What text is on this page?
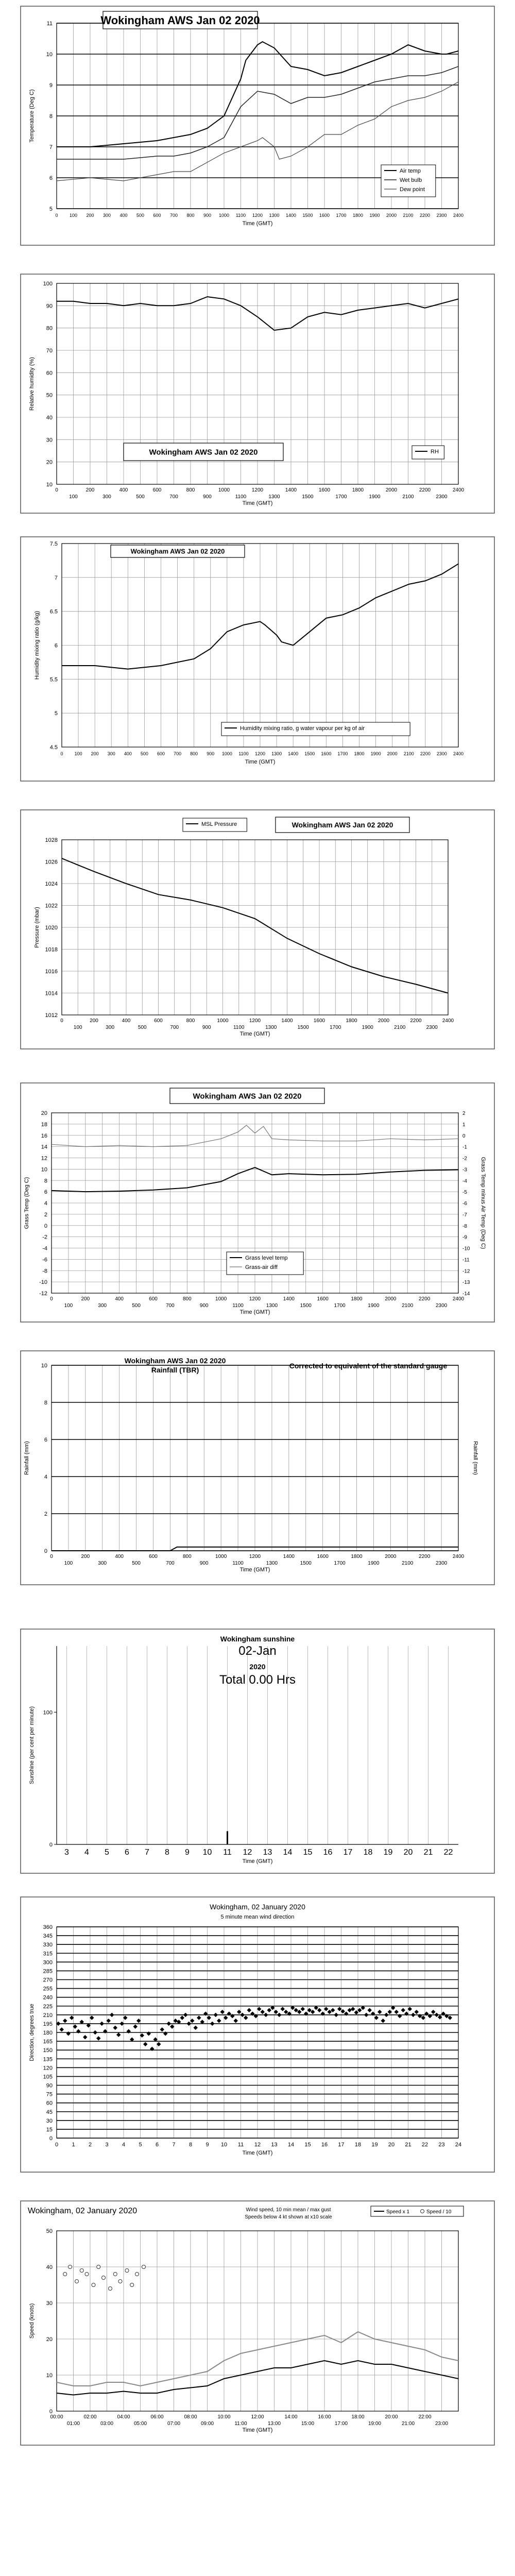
5
6
7
8
9
10
11
0 100 200 300 400 500 600 700 800 900 1000 1100 1200 1300 1400 1500 1600 1700 1800 1900 2000 2100 2200 2300 2400
Time (GMT)
Temperature (Deg C)
Wokingham AWS Jan 02 2020
Air temp
Wet bulb
Dew point
10
20
30
40
50
60
70
80
90
100
0	200	400	600	800	1000	1200	1400	1600	1800	2000	2200	2400
100	300	500	700	900	1100	1300	1500	1700	1900	2100	2300
Time (GMT)
Relative humidity (%)
Wokingham AWS Jan 02 2020	RH
4.5
5
5.5
6
6.5
7
7.5
0 100 200 300 400 500 600 700 800 900 1000 1100 1200 1300 1400 1500 1600 1700 1800 1900 2000 2100 2200 2300 2400
Time (GMT)
Humidity mixing ratio (g/kg)
Wokingham AWS Jan 02 2020
Humidity mixing ratio, g water vapour per kg of air
1012
1014
1016
1018
1020
1022
1024
1026
1028
0	200	400	600	800	1000	1200	1400	1600	1800	2000	2200	2400
100	300	500	700	900	1100	1300	1500	1700	1900	2100	2300
Time (GMT)
Pressure (mbar)
MSL Pressure	Wokingham AWS Jan 02 2020
-12
-10
-8
-6
-4
-2
0
2
4
6
8
10
12
14
16
18
20
0	200	400	600	800	1000	1200	1400	1600	1800	2000	2200	2400
100	300	500	700	900	1100	1300	1500	1700	1900	2100	2300
Time (GMT)
Grass Temp (Deg C)
-14
-13
-12
-11
-10
-9
-8
-7
-6
-5
-4
-3
-2
-1
0
1
2
Grass Temp minus Air Temp (Deg C)
Wokingham AWS Jan 02 2020
Grass level temp
Grass-air diff
0
2
4
6
8
10
0	200	400	600	800	1000	1200	1400	1600	1800	2000	2200	2400
100	300	500	700	900	1100	1300	1500	1700	1900	2100	2300
Time (GMT)
Rainfall (mm)	Rainfall (mm)
Wokingham AWS Jan 02 2020
Rainfall (TBR)	Corrected to equivalent of the standard gauge
0
100
3 4 5 6 7 8 9 10 11 12 13 14 15 16 17 18 19 20 21 22
Time (GMT)
Sunshine (per cent per minute)
Wokingham sunshine
02-Jan
2020
Total 0.00 Hrs
0
15
30
45
60
75
90
105
120
135
150
165
180
195
210
225
240
255
270
285
300
315
330
345
360
0 1 2 3 4 5 6 7 8 9 10 11 12 13 14 15 16 17 18 19 20 21 22 23 24
Time (GMT)
Direction, degrees true
Wokingham, 02 January 2020
5 minute mean wind direction
0
10
20
30
40
50
00:00	02:00	04:00	06:00	08:00	10:00	12:00	14:00	16:00	18:00	20:00	22:00
01:00	03:00	05:00	07:00	09:00	11:00	13:00	15:00	17:00	19:00	21:00	23:00
Time (GMT)
Speed (knots)
Wokingham, 02 January 2020	Wind speed, 10 min mean / max gust
Speeds below 4 kt shown at x10 scale
Speed x 1	Speed / 10
